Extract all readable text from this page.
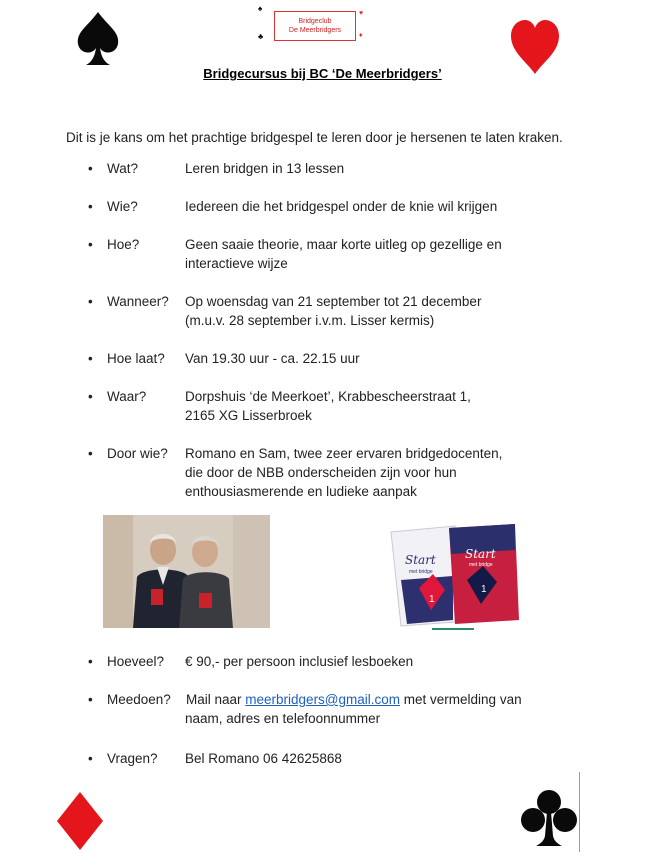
♠
♣
♥
♦
Bridgeclub
De Meerbridgers
Bridgecursus bij BC ‘De Meerbridgers’
Dit is je kans om het prachtige bridgespel te leren door je hersenen te laten kraken.
• Wat?	Leren bridgen in 13 lessen
• Wie?	Iedereen die het bridgespel onder de knie wil krijgen
• Hoe?	Geen saaie theorie, maar korte uitleg op gezellige en
interactieve wijze
• Wanneer? Op woensdag van 21 september tot 21 december
(m.u.v. 28 september i.v.m. Lisser kermis)
• Hoe laat? Van 19.30 uur - ca. 22.15 uur
• Waar?	Dorpshuis ‘de Meerkoet’, Krabbescheerstraat 1,
2165 XG Lisserbroek
• Door wie? Romano en Sam, twee zeer ervaren bridgedocenten,
die door de NBB onderscheiden zijn voor hun
enthousiasmerende en ludieke aanpak
Start
met bridge
Start
met bridge
1
1
• Hoeveel? € 90,- per persoon inclusief lesboeken
• Meedoen? Mail naar meerbridgers@gmail.com met vermelding van
naam, adres en telefoonnummer
• Vragen? Bel Romano 06 42625868
